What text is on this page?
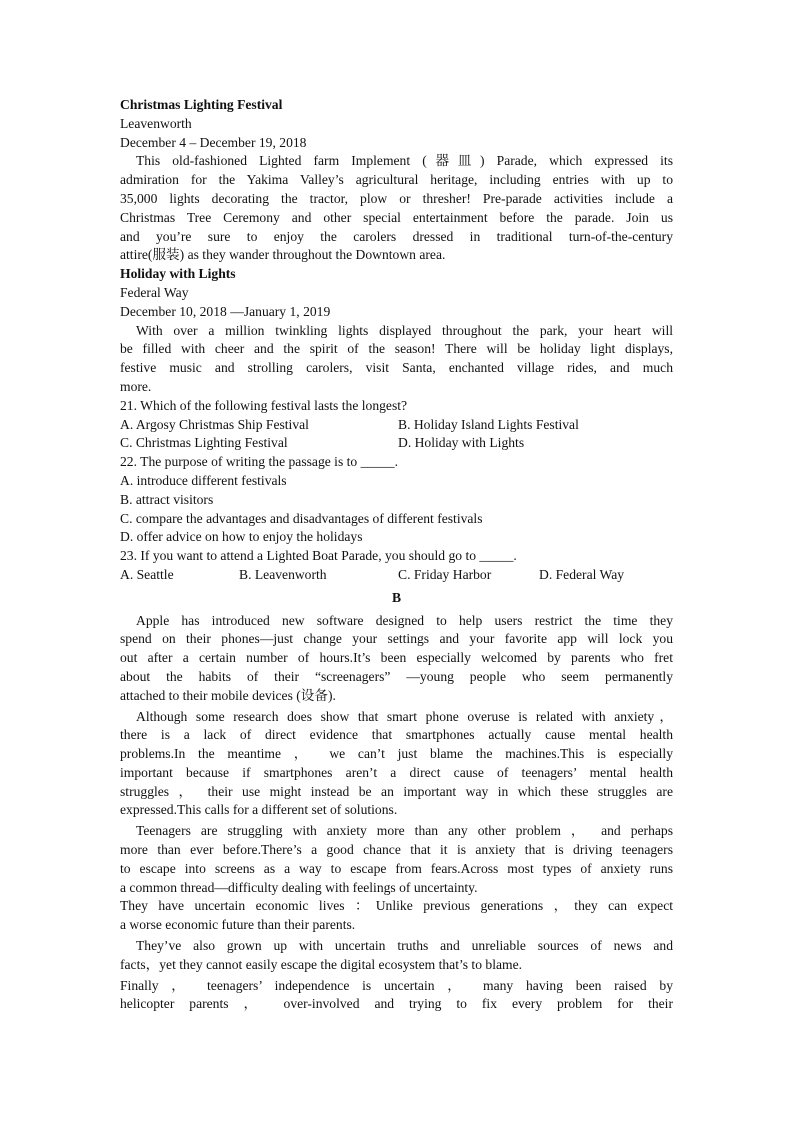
Christmas Lighting Festival
Leavenworth
December 4 – December 19, 2018
This old-fashioned Lighted farm Implement (器皿) Parade, which expressed its
admiration for the Yakima Valley’s agricultural heritage, including entries with up to
35,000 lights decorating the tractor, plow or thresher! Pre-parade activities include a
Christmas Tree Ceremony and other special entertainment before the parade. Join us
and you’re sure to enjoy the carolers dressed in traditional turn-of-the-century
attire(服装) as they wander throughout the Downtown area.
Holiday with Lights
Federal Way
December 10, 2018 —January 1, 2019
With over a million twinkling lights displayed throughout the park, your heart will
be filled with cheer and the spirit of the season! There will be holiday light displays,
festive music and strolling carolers, visit Santa, enchanted village rides, and much
more.
21. Which of the following festival lasts the longest?
A. Argosy Christmas Ship Festival	B. Holiday Island Lights Festival
C. Christmas Lighting Festival	D. Holiday with Lights
22. The purpose of writing the passage is to _____.
A. introduce different festivals
B. attract visitors
C. compare the advantages and disadvantages of different festivals
D. offer advice on how to enjoy the holidays
23. If you want to attend a Lighted Boat Parade, you should go to _____.
A. Seattle	B. Leavenworth	C. Friday Harbor	D. Federal Way
B
Apple has introduced new software designed to help users restrict the time they
spend on their phones—just change your settings and your favorite app will lock you
out after a certain number of hours.It’s been especially welcomed by parents who fret
about the habits of their “screenagers” —young people who seem permanently
attached to their mobile devices (设备).
Although some research does show that smart phone overuse is related with anxiety，
there is a lack of direct evidence that smartphones actually cause mental health
problems.In the meantime ， we can’t just blame the machines.This is especially
important because if smartphones aren’t a direct cause of teenagers’ mental health
struggles ， their use might instead be an important way in which these struggles are
expressed.This calls for a different set of solutions.
Teenagers are struggling with anxiety more than any other problem ， and perhaps
more than ever before.There’s a good chance that it is anxiety that is driving teenagers
to escape into screens as a way to escape from fears.Across most types of anxiety runs
a common thread—difficulty dealing with feelings of uncertainty.
They have uncertain economic lives ：Unlike previous generations ，they can expect
a worse economic future than their parents.
They’ve also grown up with uncertain truths and unreliable sources of news and
facts，yet they cannot easily escape the digital ecosystem that’s to blame.
Finally ， teenagers’ independence is uncertain ， many having been raised by
helicopter parents ， over-involved and trying to fix every problem for their
